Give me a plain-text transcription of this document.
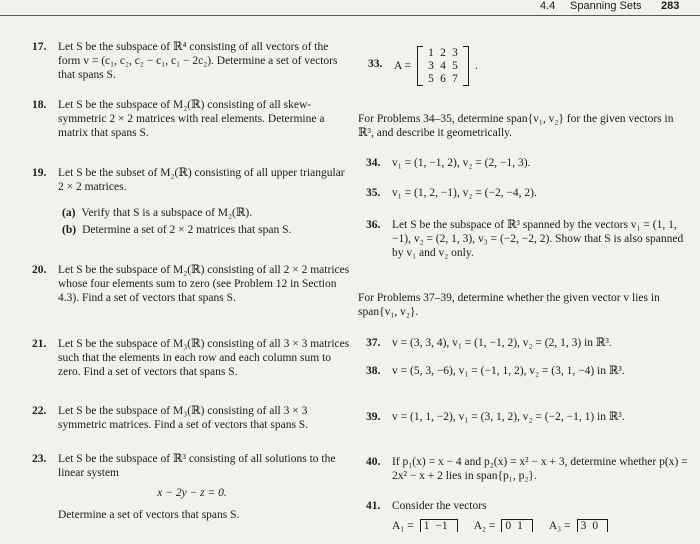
4.4 Spanning Sets 283
17. Let S be the subspace of ℝ⁴ consisting of all vectors of the form v = (c₁, c₂, c₂ − c₁, c₁ − 2c₂). Determine a set of vectors that spans S.
18. Let S be the subspace of M₂(ℝ) consisting of all skew-symmetric 2 × 2 matrices with real elements. Determine a matrix that spans S.
19. Let S be the subset of M₂(ℝ) consisting of all upper triangular 2 × 2 matrices.
(a) Verify that S is a subspace of M₂(ℝ).
(b) Determine a set of 2 × 2 matrices that span S.
20. Let S be the subspace of M₂(ℝ) consisting of all 2 × 2 matrices whose four elements sum to zero (see Problem 12 in Section 4.3). Find a set of vectors that spans S.
21. Let S be the subspace of M₃(ℝ) consisting of all 3 × 3 matrices such that the elements in each row and each column sum to zero. Find a set of vectors that spans S.
22. Let S be the subspace of M₃(ℝ) consisting of all 3 × 3 symmetric matrices. Find a set of vectors that spans S.
23. Let S be the subspace of ℝ³ consisting of all solutions to the linear system
x − 2y − z = 0.
Determine a set of vectors that spans S.
33. A =
1 2 3
3 4 5
5 6 7
.
For Problems 34–35, determine span{v₁, v₂} for the given vectors in ℝ³, and describe it geometrically.
34. v₁ = (1, −1, 2), v₂ = (2, −1, 3).
35. v₁ = (1, 2, −1), v₂ = (−2, −4, 2).
36. Let S be the subspace of ℝ³ spanned by the vectors v₁ = (1, 1, −1), v₂ = (2, 1, 3), v₃ = (−2, −2, 2). Show that S is also spanned by v₁ and v₂ only.
For Problems 37–39, determine whether the given vector v lies in span{v₁, v₂}.
37. v = (3, 3, 4), v₁ = (1, −1, 2), v₂ = (2, 1, 3) in ℝ³.
38. v = (5, 3, −6), v₁ = (−1, 1, 2), v₂ = (3, 1, −4) in ℝ³.
39. v = (1, 1, −2), v₁ = (3, 1, 2), v₂ = (−2, −1, 1) in ℝ³.
40. If p₁(x) = x − 4 and p₂(x) = x² − x + 3, determine whether p(x) = 2x² − x + 2 lies in span{p₁, p₂}.
41. Consider the vectors
A₁ = 1 −1	A₂ = 0 1	A₃ = 3 0
